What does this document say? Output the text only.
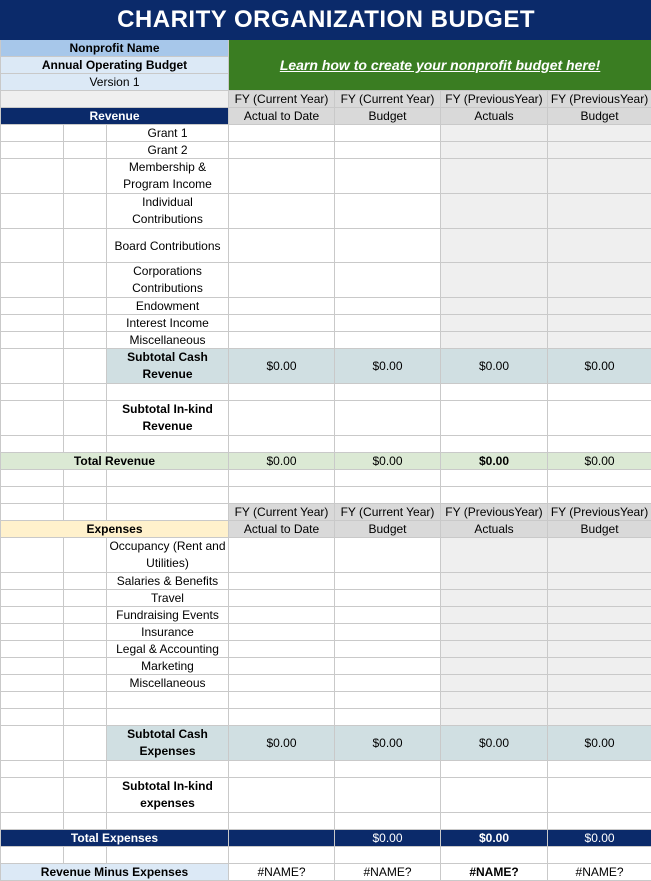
CHARITY ORGANIZATION BUDGET						
Nonprofit Name			Learn how to create your nonprofit budget here!			
Annual Operating Budget						
Version 1						
			FY (Current Year)	FY (Current Year)	FY (PreviousYear)	FY (PreviousYear)
Revenue			Actual to Date	Budget	Actuals	Budget
		Grant 1				
		Grant 2				
		Membership & Program Income				
		Individual Contributions				
		Board Contributions				
		Corporations Contributions				
		Endowment				
		Interest Income				
		Miscellaneous				
		Subtotal Cash Revenue	$0.00	$0.00	$0.00	$0.00

		Subtotal In-kind Revenue				

Total Revenue			$0.00	$0.00	$0.00	$0.00

			FY (Current Year)	FY (Current Year)	FY (PreviousYear)	FY (PreviousYear)
Expenses			Actual to Date	Budget	Actuals	Budget
		Occupancy (Rent and Utilities)				
		Salaries & Benefits				
		Travel				
		Fundraising Events				
		Insurance				
		Legal & Accounting				
		Marketing				
		Miscellaneous				

		Subtotal Cash Expenses	$0.00	$0.00	$0.00	$0.00

		Subtotal In-kind expenses				

Total Expenses				$0.00	$0.00	$0.00

Revenue Minus Expenses			#NAME?	#NAME?	#NAME?	#NAME?
